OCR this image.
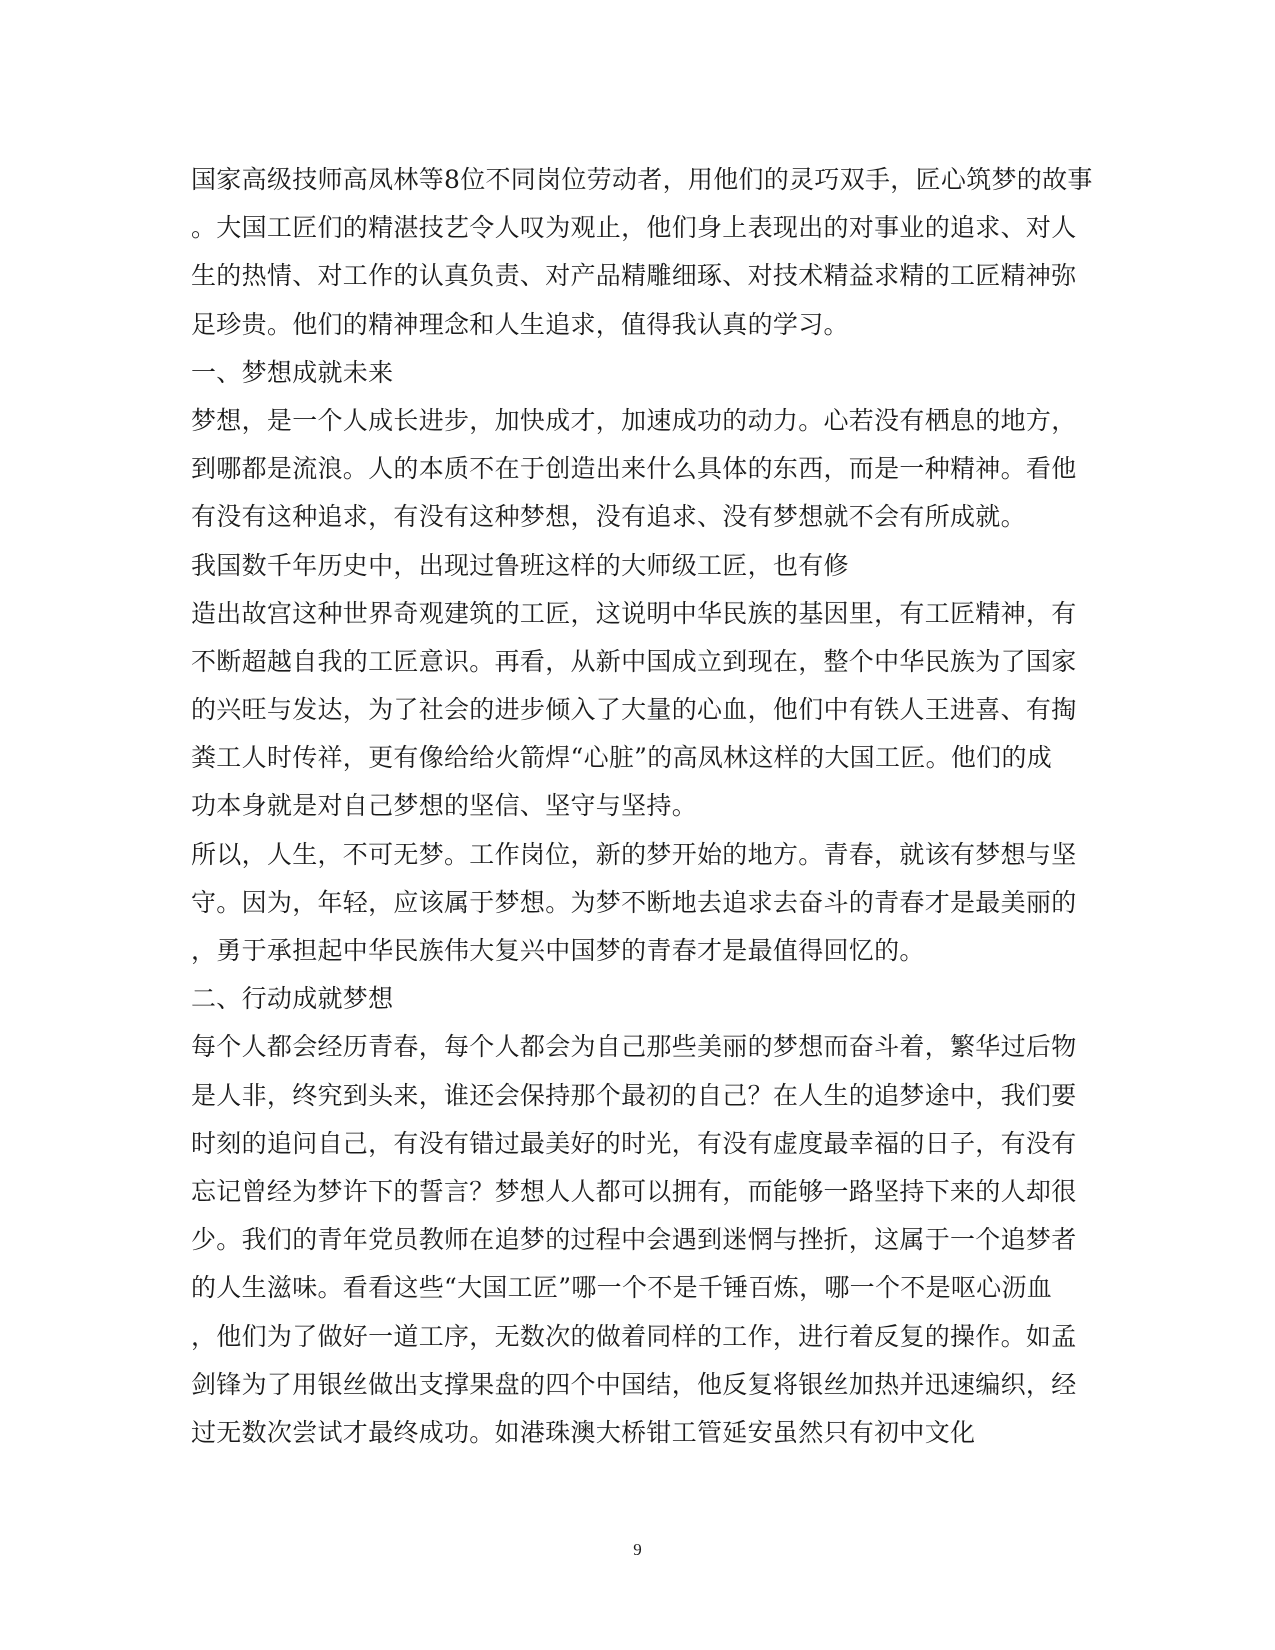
国家高级技师高凤林等8位不同岗位劳动者，用他们的灵巧双手，匠心筑梦的故事
。大国工匠们的精湛技艺令人叹为观止，他们身上表现出的对事业的追求、对人
生的热情、对工作的认真负责、对产品精雕细琢、对技术精益求精的工匠精神弥
足珍贵。他们的精神理念和人生追求，值得我认真的学习。
一、梦想成就未来
梦想，是一个人成长进步，加快成才，加速成功的动力。心若没有栖息的地方，
到哪都是流浪。人的本质不在于创造出来什么具体的东西，而是一种精神。看他
有没有这种追求，有没有这种梦想，没有追求、没有梦想就不会有所成就。
我国数千年历史中，出现过鲁班这样的大师级工匠，也有修
造出故宫这种世界奇观建筑的工匠，这说明中华民族的基因里，有工匠精神，有
不断超越自我的工匠意识。再看，从新中国成立到现在，整个中华民族为了国家
的兴旺与发达，为了社会的进步倾入了大量的心血，他们中有铁人王进喜、有掏
粪工人时传祥，更有像给给火箭焊“心脏”的高凤林这样的大国工匠。他们的成
功本身就是对自己梦想的坚信、坚守与坚持。
所以，人生，不可无梦。工作岗位，新的梦开始的地方。青春，就该有梦想与坚
守。因为，年轻，应该属于梦想。为梦不断地去追求去奋斗的青春才是最美丽的
，勇于承担起中华民族伟大复兴中国梦的青春才是最值得回忆的。
二、行动成就梦想
每个人都会经历青春，每个人都会为自己那些美丽的梦想而奋斗着，繁华过后物
是人非，终究到头来，谁还会保持那个最初的自己？在人生的追梦途中，我们要
时刻的追问自己，有没有错过最美好的时光，有没有虚度最幸福的日子，有没有
忘记曾经为梦许下的誓言？梦想人人都可以拥有，而能够一路坚持下来的人却很
少。我们的青年党员教师在追梦的过程中会遇到迷惘与挫折，这属于一个追梦者
的人生滋味。看看这些“大国工匠”哪一个不是千锤百炼，哪一个不是呕心沥血
，他们为了做好一道工序，无数次的做着同样的工作，进行着反复的操作。如孟
剑锋为了用银丝做出支撑果盘的四个中国结，他反复将银丝加热并迅速编织，经
过无数次尝试才最终成功。如港珠澳大桥钳工管延安虽然只有初中文化
9
